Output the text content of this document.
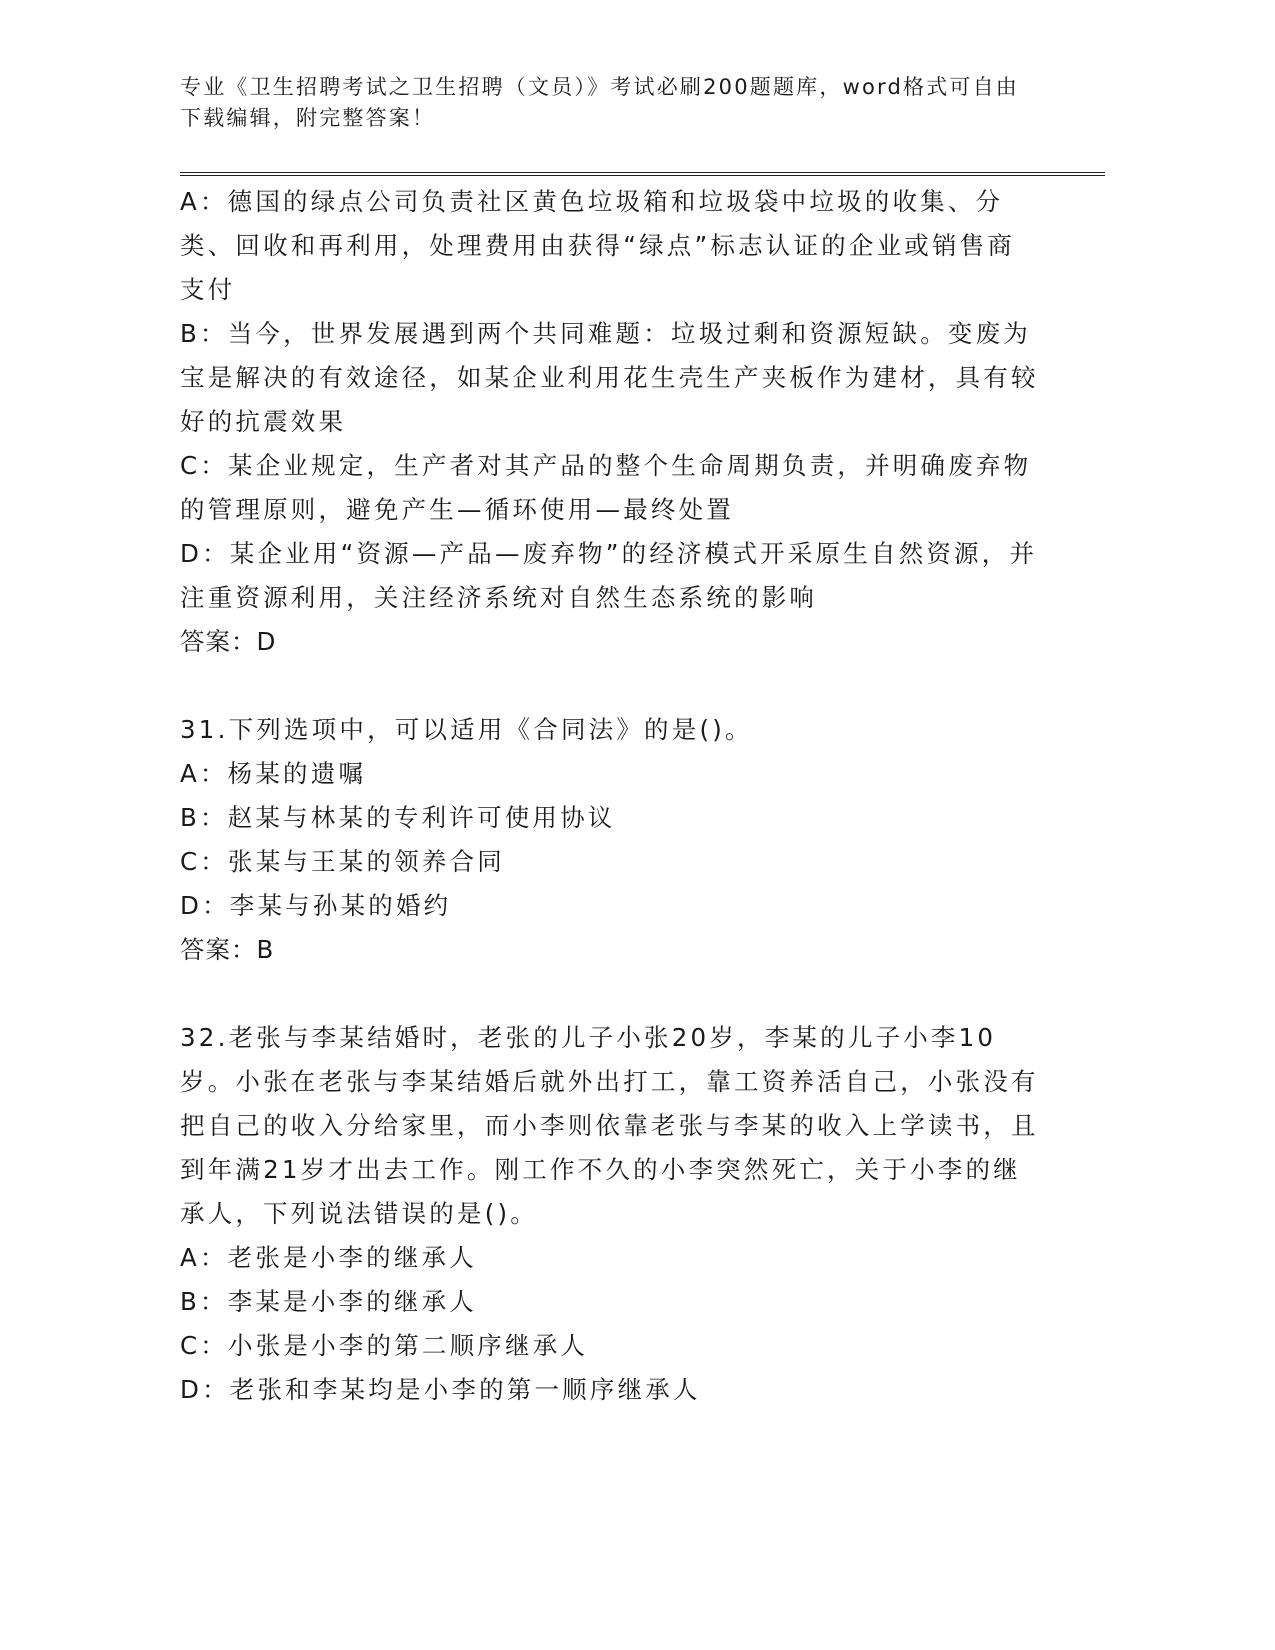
专业《卫生招聘考试之卫生招聘（文员）》考试必刷200题题库，word格式可自由下载编辑，附完整答案！

A：德国的绿点公司负责社区黄色垃圾箱和垃圾袋中垃圾的收集、分类、回收和再利用，处理费用由获得“绿点”标志认证的企业或销售商支付

B：当今，世界发展遇到两个共同难题：垃圾过剩和资源短缺。变废为宝是解决的有效途径，如某企业利用花生壳生产夹板作为建材，具有较好的抗震效果

C：某企业规定，生产者对其产品的整个生命周期负责，并明确废弃物的管理原则，避免产生—循环使用—最终处置

D：某企业用“资源—产品—废弃物”的经济模式开采原生自然资源，并注重资源利用，关注经济系统对自然生态系统的影响

答案：D

31.下列选项中，可以适用《合同法》的是()。

A：杨某的遗嘱

B：赵某与林某的专利许可使用协议

C：张某与王某的领养合同

D：李某与孙某的婚约

答案：B

32.老张与李某结婚时，老张的儿子小张20岁，李某的儿子小李10岁。小张在老张与李某结婚后就外出打工，靠工资养活自己，小张没有把自己的收入分给家里，而小李则依靠老张与李某的收入上学读书，且到年满21岁才出去工作。刚工作不久的小李突然死亡，关于小李的继承人，下列说法错误的是()。

A：老张是小李的继承人

B：李某是小李的继承人

C：小张是小李的第二顺序继承人

D：老张和李某均是小李的第一顺序继承人
